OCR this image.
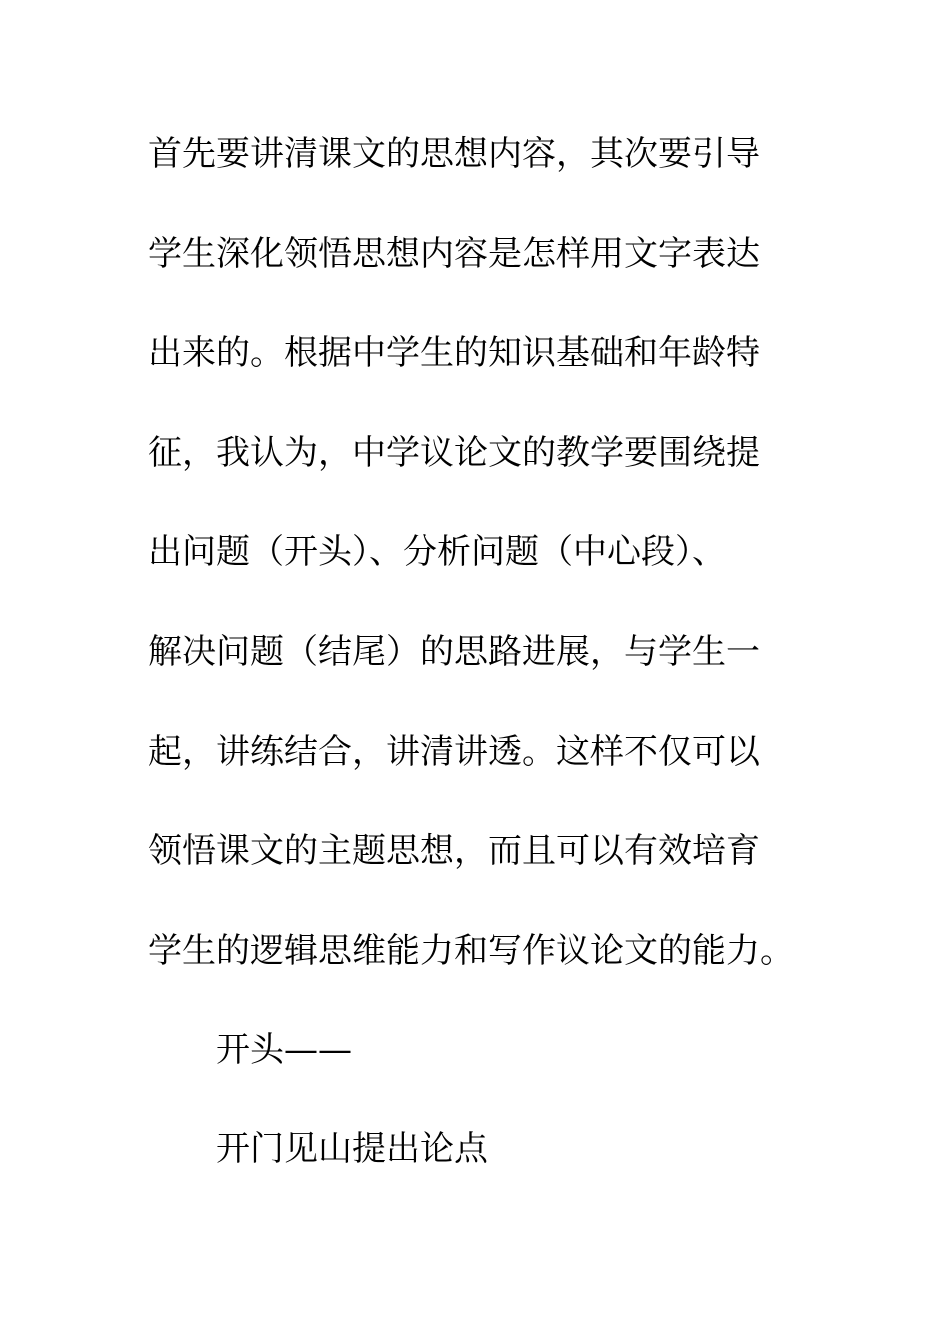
首先要讲清课文的思想内容，其次要引导
学生深化领悟思想内容是怎样用文字表达
出来的。根据中学生的知识基础和年龄特
征，我认为，中学议论文的教学要围绕提
出问题（开头）、分析问题（中心段）、
解决问题（结尾）的思路进展，与学生一
起，讲练结合，讲清讲透。这样不仅可以
领悟课文的主题思想，而且可以有效培育
学生的逻辑思维能力和写作议论文的能力。
开头——
开门见山提出论点
